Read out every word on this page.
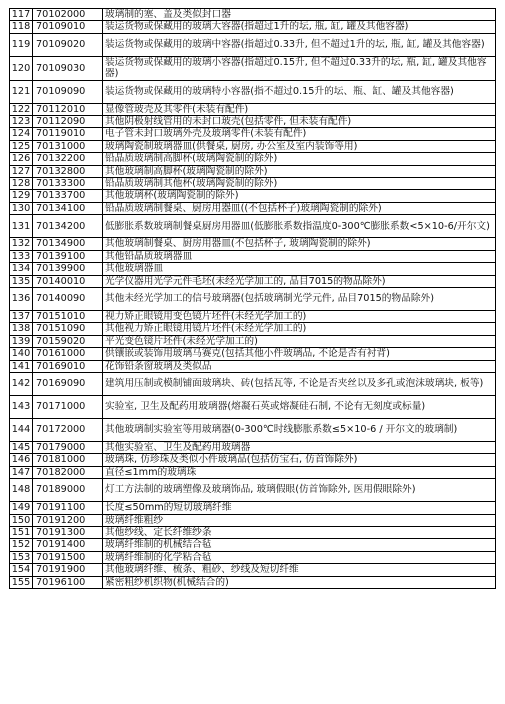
117	70102000	玻璃制的塞、盖及类似封口器
118	70109010	装运货物或保藏用的玻璃大容器(指超过1升的坛, 瓶, 缸, 罐及其他容器)
119	70109020	装运货物或保藏用的玻璃中容器(指超过0.33升, 但不超过1升的坛, 瓶, 缸, 罐及其他容器)
120	70109030	装运货物或保藏用的玻璃小容器(指超过0.15升, 但不超过0.33升的坛, 瓶, 缸, 罐及其他容器)
121	70109090	装运货物或保藏用的玻璃特小容器(指不超过0.15升的坛、瓶、缸、罐及其他容器)
122	70112010	显像管玻壳及其零件(未装有配件)
123	70112090	其他阴极射线管用的未封口玻壳(包括零件, 但未装有配件)
124	70119010	电子管未封口玻璃外壳及玻璃零件(未装有配件)
125	70131000	玻璃陶瓷制玻璃器皿(供餐桌, 厨房, 办公室及室内装饰等用)
126	70132200	铅晶质玻璃制高脚杯(玻璃陶瓷制的除外)
127	70132800	其他玻璃制高脚杯(玻璃陶瓷制的除外)
128	70133300	铅晶质玻璃制其他杯(玻璃陶瓷制的除外)
129	70133700	其他玻璃杯(玻璃陶瓷制的除外)
130	70134100	铅晶质玻璃制餐桌、厨房用器皿((不包括杯子)玻璃陶瓷制的除外)
131	70134200	低膨胀系数玻璃制餐桌厨房用器皿(低膨胀系数指温度0-300℃膨胀系数<5×10-6/开尔文)
132	70134900	其他玻璃制餐桌、厨房用器皿(不包括杯子, 玻璃陶瓷制的除外)
133	70139100	其他铅晶质玻璃器皿
134	70139900	其他玻璃器皿
135	70140010	光学仪器用光学元件毛坯(未经光学加工的, 品目7015的物品除外)
136	70140090	其他未经光学加工的信号玻璃器(包括玻璃制光学元件, 品目7015的物品除外)
137	70151010	视力矫正眼镜用变色镜片坯件(未经光学加工的)
138	70151090	其他视力矫正眼镜用镜片坯件(未经光学加工的)
139	70159020	平光变色镜片坯件(未经光学加工的)
140	70161000	供镶嵌或装饰用玻璃马赛克(包括其他小件玻璃品, 不论是否有衬背)
141	70169010	花饰铅条窗玻璃及类似品
142	70169090	建筑用压制或模制铺面玻璃块、砖(包括瓦等, 不论是否夹丝以及多孔或泡沫玻璃块, 板等)
143	70171000	实验室, 卫生及配药用玻璃器(熔凝石英或熔凝硅石制, 不论有无刻度或标量)
144	70172000	其他玻璃制实验室等用玻璃器(0-300℃时线膨胀系数≤5×10-6 / 开尔文的玻璃制)
145	70179000	其他实验室、卫生及配药用玻璃器
146	70181000	玻璃珠, 仿珍珠及类似小件玻璃品(包括仿宝石, 仿首饰除外)
147	70182000	直径≤1mm的玻璃珠
148	70189000	灯工方法制的玻璃塑像及玻璃饰品, 玻璃假眼(仿首饰除外, 医用假眼除外)
149	70191100	长度≤50mm的短切玻璃纤维
150	70191200	玻璃纤维粗纱
151	70191300	其他纱线、定长纤维纱条
152	70191400	玻璃纤维制的机械结合毡
153	70191500	玻璃纤维制的化学粘合毡
154	70191900	其他玻璃纤维、梳条、粗砂、纱线及短切纤维
155	70196100	紧密粗纱机织物(机械结合的)
